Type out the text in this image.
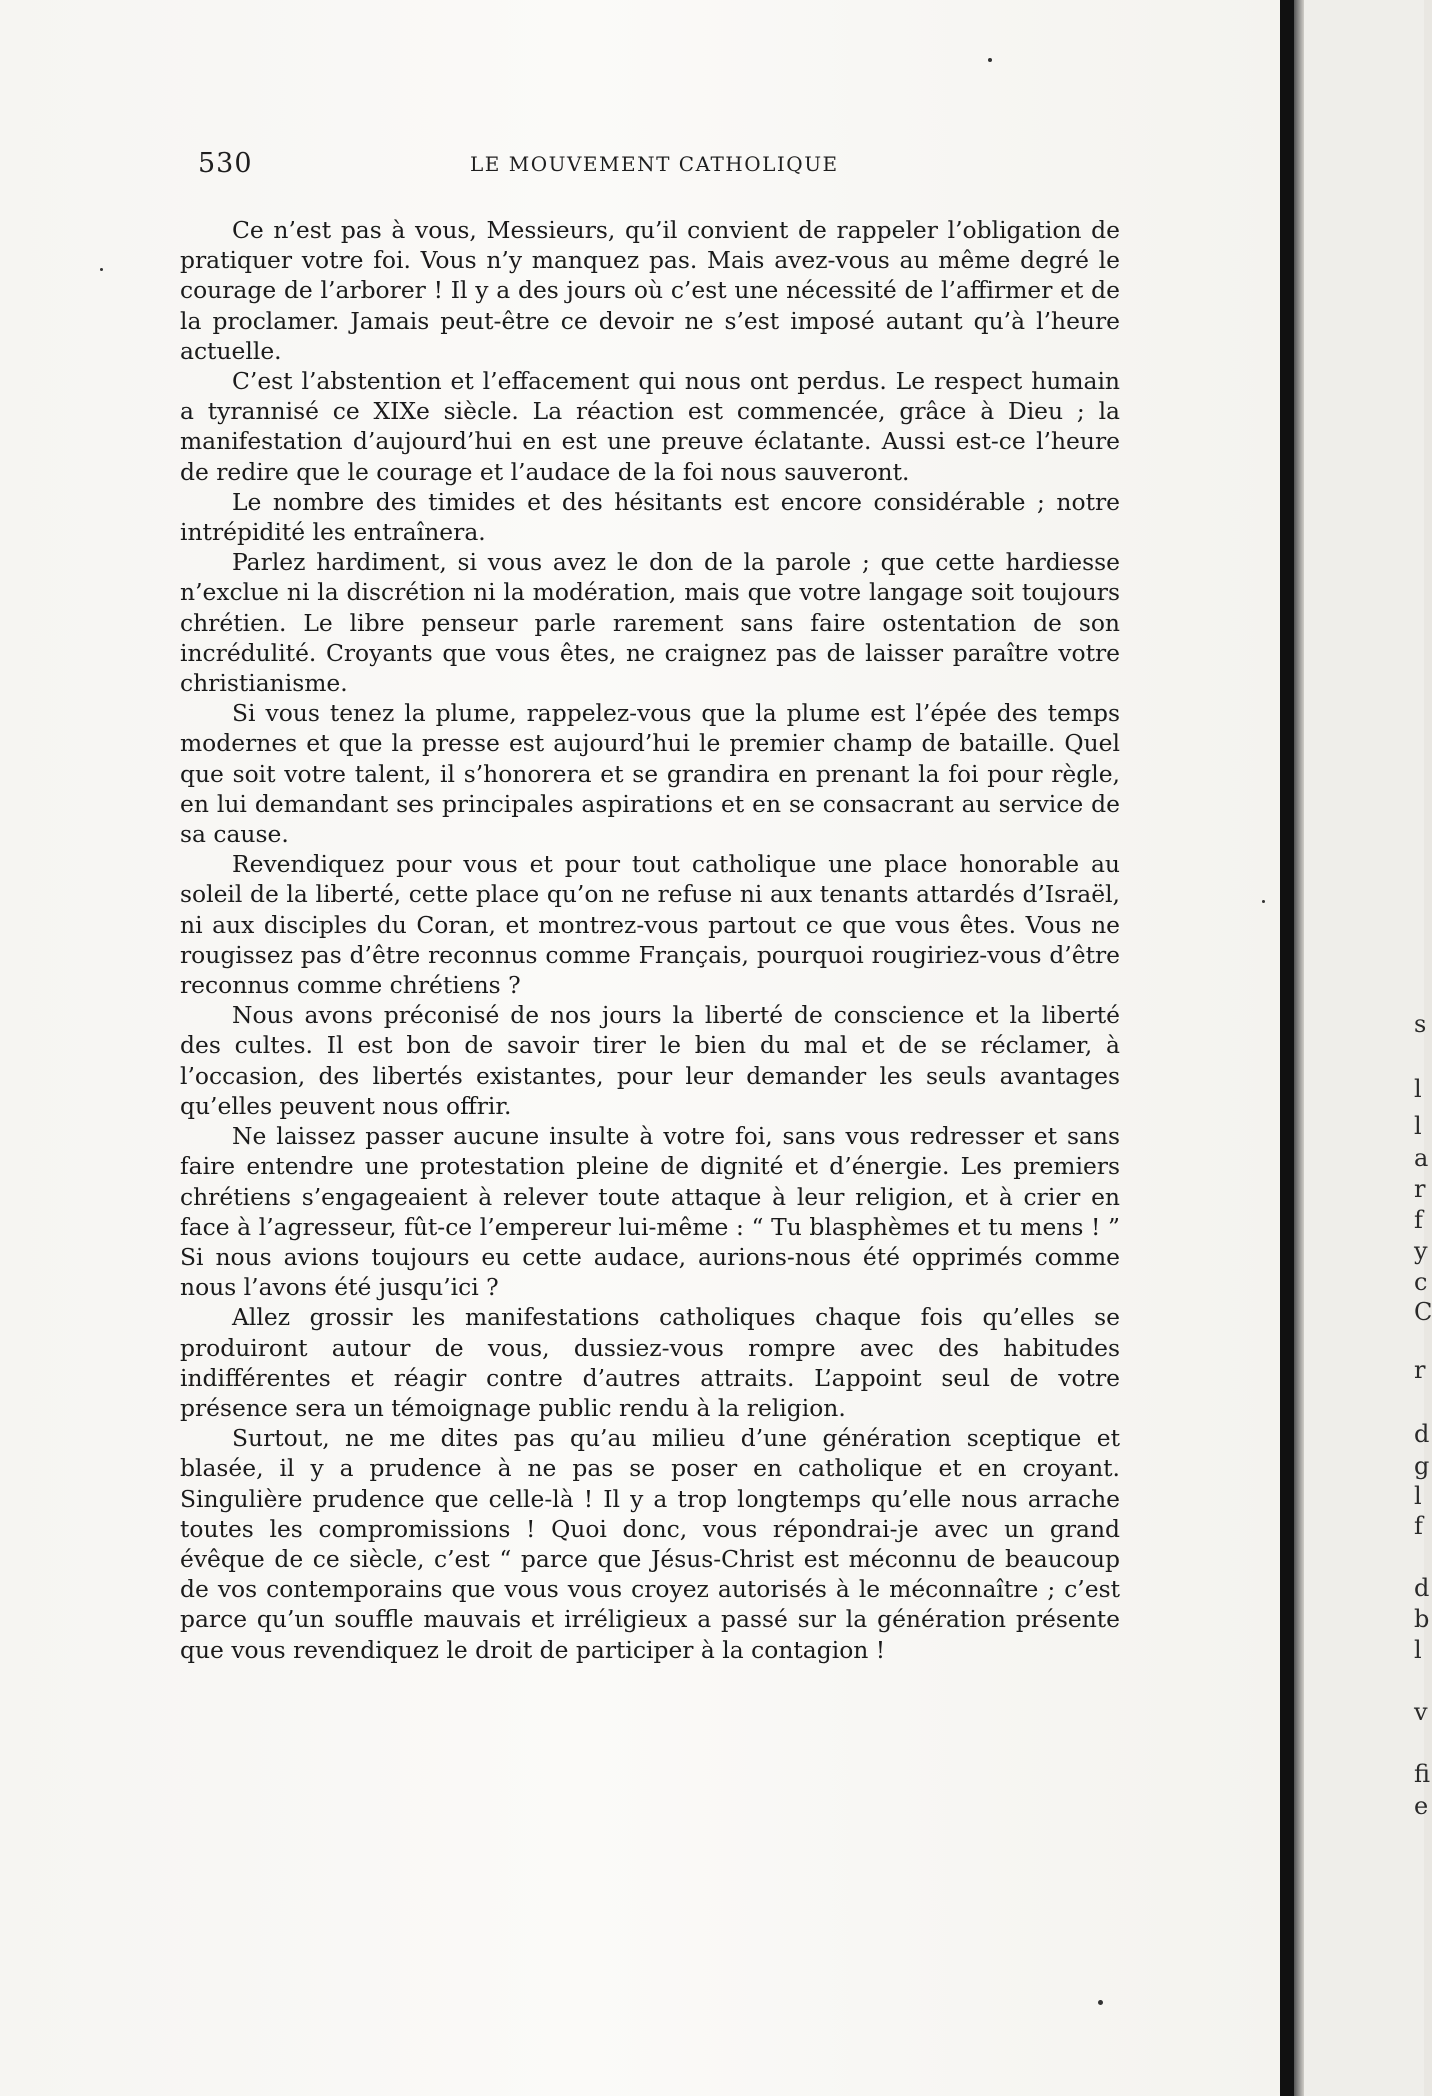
530	LE MOUVEMENT CATHOLIQUE

Ce n’est pas à vous, Messieurs, qu’il convient de rappeler l’obligation de pratiquer votre foi. Vous n’y manquez pas. Mais avez-vous au même degré le courage de l’arborer ! Il y a des jours où c’est une nécessité de l’affirmer et de la proclamer. Jamais peut-être ce devoir ne s’est imposé autant qu’à l’heure actuelle.

C’est l’abstention et l’effacement qui nous ont perdus. Le respect humain a tyrannisé ce XIXe siècle. La réaction est commencée, grâce à Dieu ; la manifestation d’aujourd’hui en est une preuve éclatante. Aussi est-ce l’heure de redire que le courage et l’audace de la foi nous sauveront.

Le nombre des timides et des hésitants est encore considérable ; notre intrépidité les entraînera.

Parlez hardiment, si vous avez le don de la parole ; que cette hardiesse n’exclue ni la discrétion ni la modération, mais que votre langage soit toujours chrétien. Le libre penseur parle rarement sans faire ostentation de son incrédulité. Croyants que vous êtes, ne craignez pas de laisser paraître votre christianisme.

Si vous tenez la plume, rappelez-vous que la plume est l’épée des temps modernes et que la presse est aujourd’hui le premier champ de bataille. Quel que soit votre talent, il s’honorera et se grandira en prenant la foi pour règle, en lui demandant ses principales aspirations et en se consacrant au service de sa cause.

Revendiquez pour vous et pour tout catholique une place honorable au soleil de la liberté, cette place qu’on ne refuse ni aux tenants attardés d’Israël, ni aux disciples du Coran, et montrez-vous partout ce que vous êtes. Vous ne rougissez pas d’être reconnus comme Français, pourquoi rougiriez-vous d’être reconnus comme chrétiens ?

Nous avons préconisé de nos jours la liberté de conscience et la liberté des cultes. Il est bon de savoir tirer le bien du mal et de se réclamer, à l’occasion, des libertés existantes, pour leur demander les seuls avantages qu’elles peuvent nous offrir.

Ne laissez passer aucune insulte à votre foi, sans vous redresser et sans faire entendre une protestation pleine de dignité et d’énergie. Les premiers chrétiens s’engageaient à relever toute attaque à leur religion, et à crier en face à l’agresseur, fût-ce l’empereur lui-même : “ Tu blasphèmes et tu mens ! ” Si nous avions toujours eu cette audace, aurions-nous été opprimés comme nous l’avons été jusqu’ici ?

Allez grossir les manifestations catholiques chaque fois qu’elles se produiront autour de vous, dussiez-vous rompre avec des habitudes indifférentes et réagir contre d’autres attraits. L’appoint seul de votre présence sera un témoignage public rendu à la religion.

Surtout, ne me dites pas qu’au milieu d’une génération sceptique et blasée, il y a prudence à ne pas se poser en catholique et en croyant. Singulière prudence que celle-là ! Il y a trop longtemps qu’elle nous arrache toutes les compromissions ! Quoi donc, vous répondrai-je avec un grand évêque de ce siècle, c’est “ parce que Jésus-Christ est méconnu de beaucoup de vos contemporains que vous vous croyez autorisés à le méconnaître ; c’est parce qu’un souffle mauvais et irréligieux a passé sur la génération présente que vous revendiquez le droit de participer à la contagion !

s
l
l
a
r
f
y
c
C
r
d
g
l
f
d
b
l
v
fi
e
